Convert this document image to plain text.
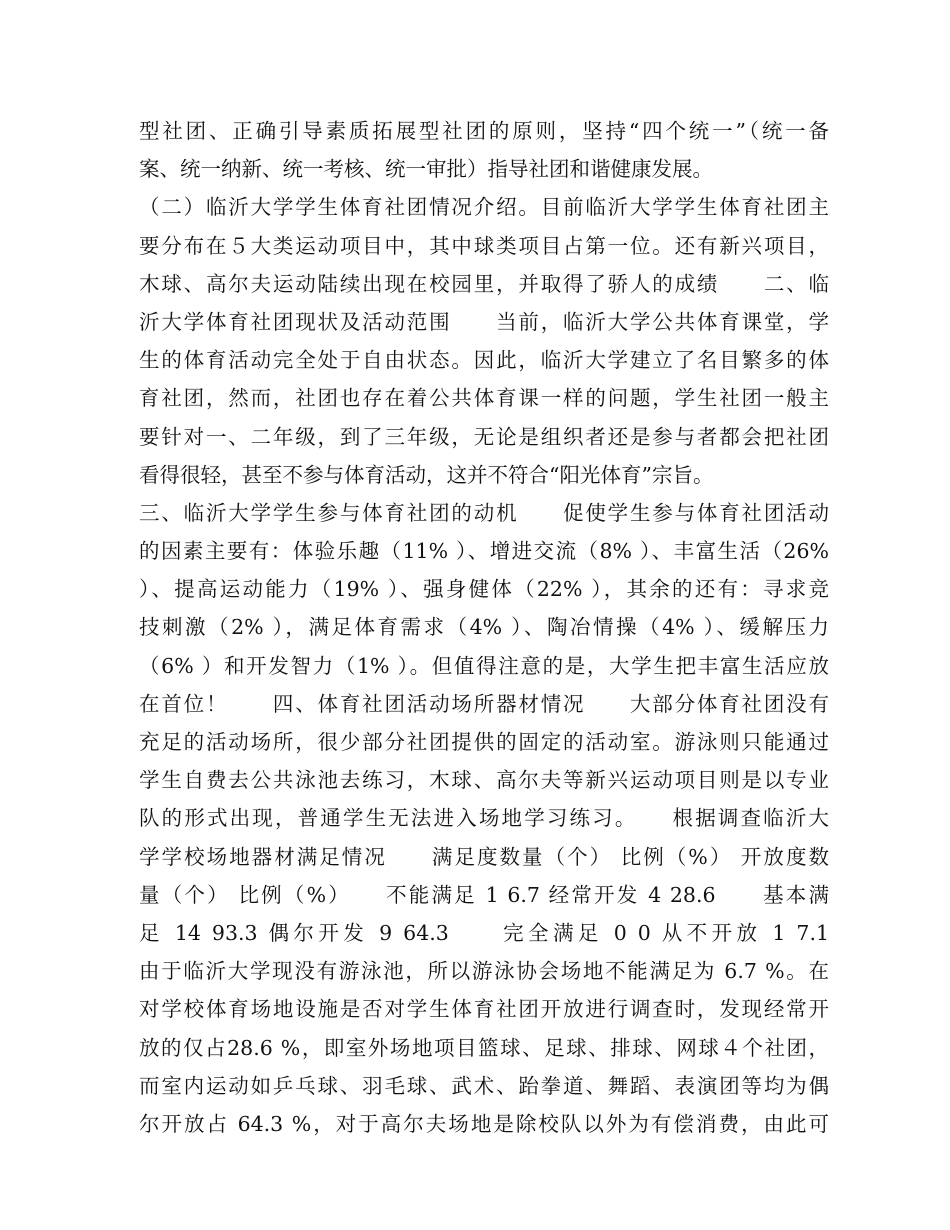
型社团、正确引导素质拓展型社团的原则，坚持“四个统一”（统一备
案、统一纳新、统一考核、统一审批）指导社团和谐健康发展。
（二）临沂大学学生体育社团情况介绍。目前临沂大学学生体育社团主
要分布在５大类运动项目中，其中球类项目占第一位。还有新兴项目，
木球、高尔夫运动陆续出现在校园里，并取得了骄人的成绩　　二、临
沂大学体育社团现状及活动范围　　当前，临沂大学公共体育课堂，学
生的体育活动完全处于自由状态。因此，临沂大学建立了名目繁多的体
育社团，然而，社团也存在着公共体育课一样的问题，学生社团一般主
要针对一、二年级，到了三年级，无论是组织者还是参与者都会把社团
看得很轻，甚至不参与体育活动，这并不符合“阳光体育”宗旨。
三、临沂大学学生参与体育社团的动机　　促使学生参与体育社团活动
的因素主要有：体验乐趣（11% ）、增进交流（8% ）、丰富生活（26%
）、提高运动能力（19% ）、强身健体（22% ），其余的还有：寻求竞
技刺激（2% ），满足体育需求（4% ）、陶冶情操（4% ）、缓解压力
（6% ）和开发智力（1% ）。但值得注意的是，大学生把丰富生活应放
在首位！　　四、体育社团活动场所器材情况　　大部分体育社团没有
充足的活动场所，很少部分社团提供的固定的活动室。游泳则只能通过
学生自费去公共泳池去练习，木球、高尔夫等新兴运动项目则是以专业
队的形式出现，普通学生无法进入场地学习练习。　　根据调查临沂大
学学校场地器材满足情况　　满足度数量（个） 比例（%） 开放度数
量（个） 比例（%）　　不能满足 1 6.7 经常开发 4 28.6　　基本满
足 14 93.3 偶尔开发 9 64.3　　完全满足 0 0 从不开放 1 7.1
由于临沂大学现没有游泳池，所以游泳协会场地不能满足为 6.7 %。在
对学校体育场地设施是否对学生体育社团开放进行调查时，发现经常开
放的仅占28.6 %，即室外场地项目篮球、足球、排球、网球４个社团，
而室内运动如乒乓球、羽毛球、武术、跆拳道、舞蹈、表演团等均为偶
尔开放占 64.3 %，对于高尔夫场地是除校队以外为有偿消费，由此可
